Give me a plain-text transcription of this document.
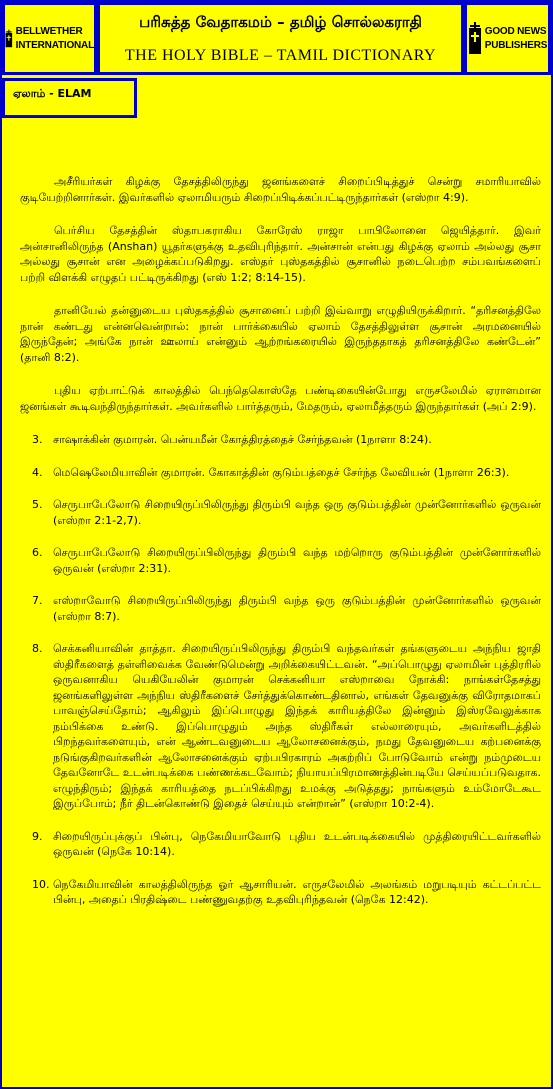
BELLWETHER
INTERNATIONAL
பரிசுத்த வேதாகமம் – தமிழ் சொல்லகராதி
THE HOLY BIBLE – TAMIL DICTIONARY
GOOD NEWS
PUBLISHERS
ஏலாம் - ELAM

அசீரியர்கள் கிழக்கு தேசத்திலிருந்து ஜனங்களைச் சிறைப்பிடித்துச் சென்று சமாரியாவில் குடியேற்றினார்கள். இவர்களில் ஏலாமியரும் சிறைப்பிடிக்கப்பட்டிருந்தார்கள் (எஸ்றா 4:9).

பெர்சிய தேசத்தின் ஸ்தாபகராகிய கோரேஸ் ராஜா பாபிலோனை ஜெயித்தார். இவர் அன்சானிலிருந்த (Anshan) யூதர்களுக்கு உதவிபுரிந்தார். அன்சான் என்பது கிழக்கு ஏலாம் அல்லது சூசா அல்லது சூசான் என அழைக்கப்படுகிறது. எஸ்தர் புஸ்தகத்தில் சூசானில் நடைபெற்ற சம்பவங்களைப் பற்றி விளக்கி எழுதப் பட்டிருக்கிறது (எஸ் 1:2; 8:14-15).

தானியேல் தன்னுடைய புஸ்தகத்தில் சூசானைப் பற்றி இவ்வாறு எழுதியிருக்கிறார். “தரிசனத்திலே நான் கண்டது என்னவென்றால்: நான் பார்க்கையில் ஏலாம் தேசத்திலுள்ள சூசான் அரமனையில் இருந்தேன்; அங்கே நான் ஊலாய் என்னும் ஆற்றங்கரையில் இருந்ததாகத் தரிசனத்திலே கண்டேன்” (தானி 8:2).

புதிய ஏற்பாட்டுக் காலத்தில் பெந்தெகொஸ்தே பண்டிகையின்போது எருசலேமில் ஏராளமான ஜனங்கள் கூடிவந்திருந்தார்கள். அவர்களில் பார்த்தரும், மேதரும், ஏலாமீத்தரும் இருந்தார்கள் (அப் 2:9).

3. சாஷாக்கின் குமாரன். பென்யமீன் கோத்திரத்தைச் சேர்ந்தவன் (1நாளா 8:24).
4. மெஷெலேமியாவின் குமாரன். கோகாத்தின் குடும்பத்தைச் சேர்ந்த லேவியன் (1நாளா 26:3).
5. செருபாபேலோடு சிறையிருப்பிலிருந்து திரும்பி வந்த ஒரு குடும்பத்தின் முன்னோர்களில் ஒருவன் (எஸ்றா 2:1-2,7).
6. செருபாபேலோடு சிறையிருப்பிலிருந்து திரும்பி வந்த மற்றொரு குடும்பத்தின் முன்னோர்களில் ஒருவன் (எஸ்றா 2:31).
7. எஸ்றாவோடு சிறையிருப்பிலிருந்து திரும்பி வந்த ஒரு குடும்பத்தின் முன்னோர்களில் ஒருவன் (எஸ்றா 8:7).
8. செக்கனியாவின் தாத்தா. சிறையிருப்பிலிருந்து திரும்பி வந்தவர்கள் தங்களுடைய அந்நிய ஜாதி ஸ்திரீகளைத் தள்ளிவைக்க வேண்டுமென்று அறிக்கையிட்டவன். “அப்பொழுது ஏலாமின் புத்திரரில் ஒருவனாகிய யெகியேலின் குமாரன் செக்கனியா எஸ்றாவை நோக்கி: நாங்கள்தேசத்து ஜனங்களிலுள்ள அந்நிய ஸ்திரீகளைச் சேர்த்துக்கொண்டதினால், எங்கள் தேவனுக்கு விரோதமாகப் பாவஞ்செய்தோம்; ஆகிலும் இப்பொழுது இந்தக் காரியத்திலே இன்னும் இஸ்ரவேலுக்காக நம்பிக்கை உண்டு. இப்பொழுதும் அந்த ஸ்திரீகள் எல்லாரையும், அவர்களிடத்தில் பிறந்தவர்களையும், என் ஆண்டவனுடைய ஆலோசனைக்கும், நமது தேவனுடைய கற்பனைக்கு நடுங்குகிறவர்களின் ஆலோசனைக்கும் ஏற்பபிரகாரம் அகற்றிப் போடுவோம் என்று நம்முடைய தேவனோடே உடன்படிக்கை பண்ணக்கடவோம்; நியாயப்பிரமாணத்தின்படியே செய்யப்படுவதாக. எழுந்திரும்; இந்தக் காரியத்தை நடப்பிக்கிறது உமக்கு அடுத்தது; நாங்களும் உம்மோடேகூட இருப்போம்; நீர் திடன்கொண்டு இதைச் செய்யும் என்றான்” (எஸ்றா 10:2-4).
9. சிறையிருப்புக்குப் பின்பு, நெகேமியாவோடு புதிய உடன்படிக்கையில் முத்திரையிட்டவர்களில் ஒருவன் (நெகே 10:14).
10. நெகேமியாவின் காலத்திலிருந்த ஓர் ஆசாரியன். எருசலேமில் அலங்கம் மறுபடியும் கட்டப்பட்ட பின்பு, அதைப் பிரதிஷ்டை பண்ணுவதற்கு உதவிபுரிந்தவன் (நெகே 12:42).
